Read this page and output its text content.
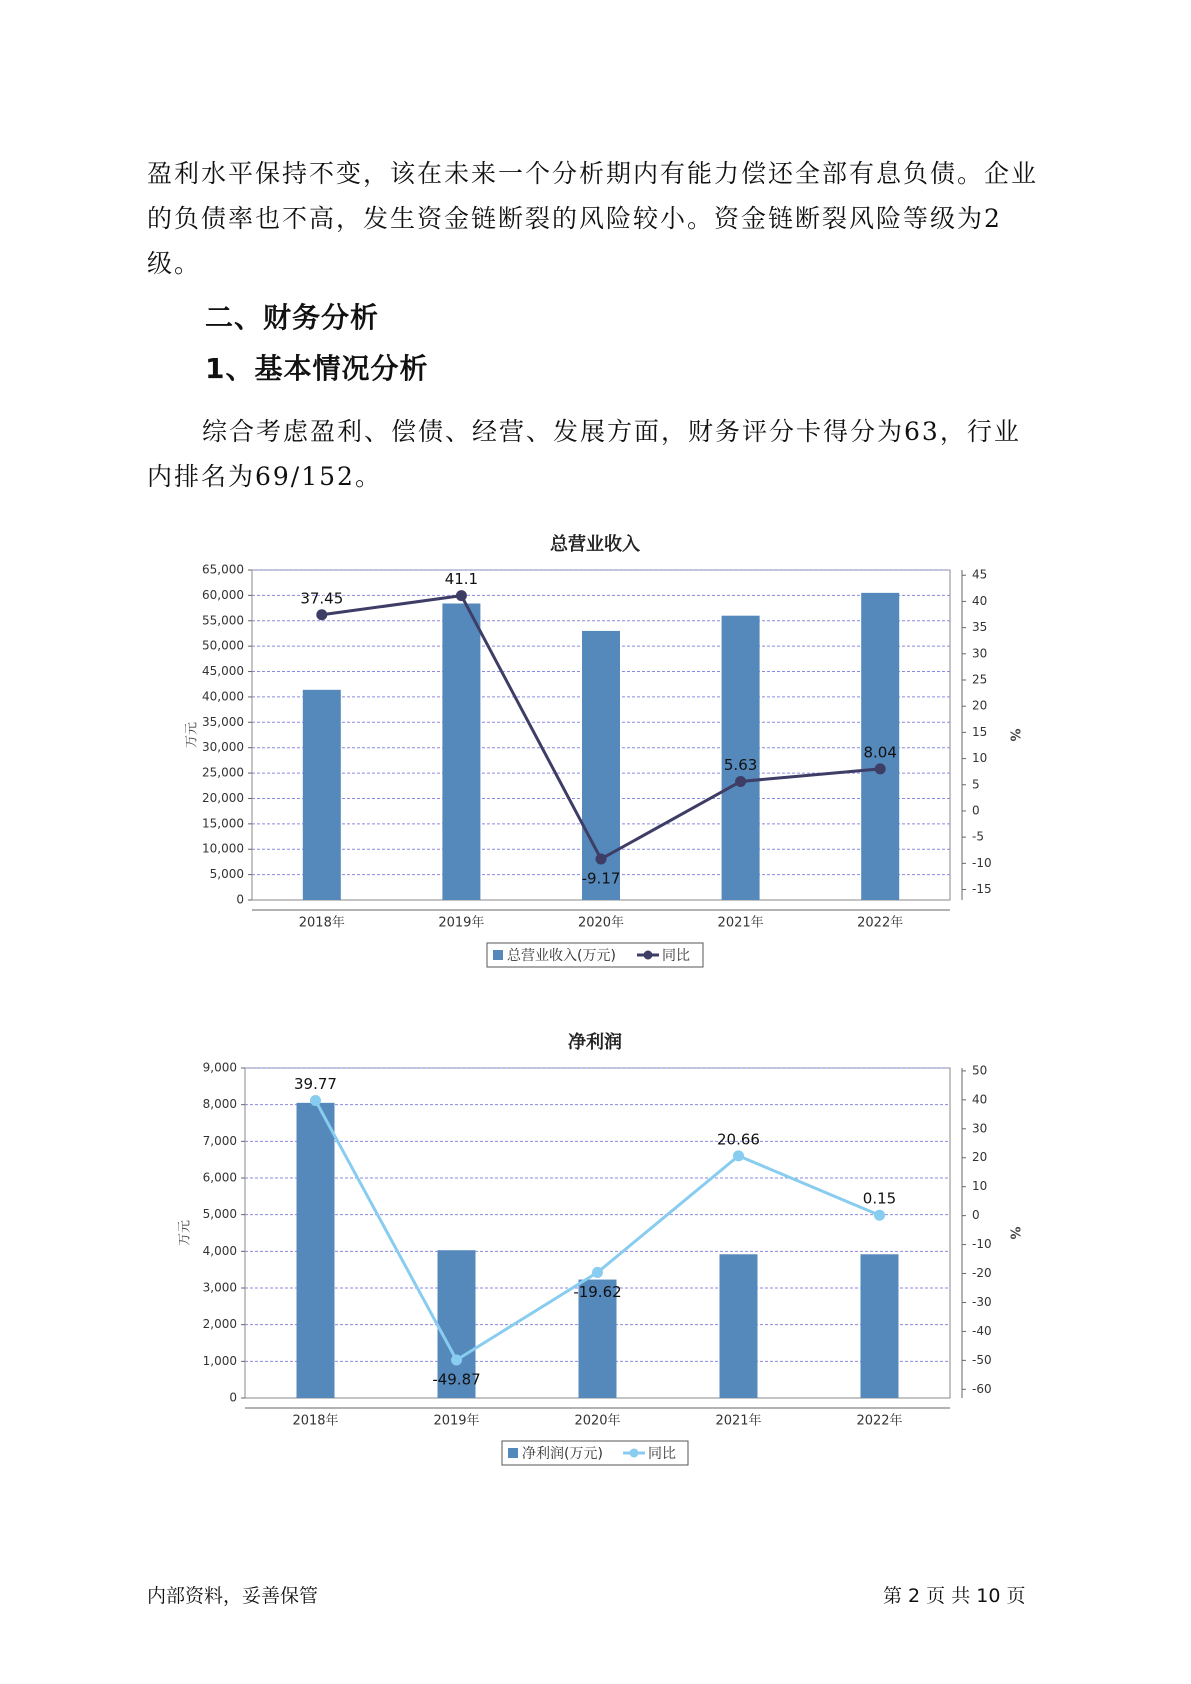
盈利水平保持不变，该在未来一个分析期内有能力偿还全部有息负债。企业的负债率也不高，发生资金链断裂的风险较小。资金链断裂风险等级为2级。

二、财务分析

1、基本情况分析

综合考虑盈利、偿债、经营、发展方面，财务评分卡得分为63，行业内排名为69/152。

总营业收入
0
5,000
10,000
15,000
20,000
25,000
30,000
35,000
40,000
45,000
50,000
55,000
60,000
65,000
万元
-15
-10
-5
0
5
10
15
20
25
30
35
40
45
%
2018年	2019年	2020年	2021年	2022年
37.45
41.1
-9.17
5.63
8.04
总营业收入(万元)	同比
净利润
0
1,000
2,000
3,000
4,000
5,000
6,000
7,000
8,000
9,000
万元
-60
-50
-40
-30
-20
-10
0
10
20
30
40
50
%
2018年	2019年	2020年	2021年	2022年
39.77
-49.87
-19.62
20.66
0.15
净利润(万元)	同比

内部资料，妥善保管	第 2 页 共 10 页
